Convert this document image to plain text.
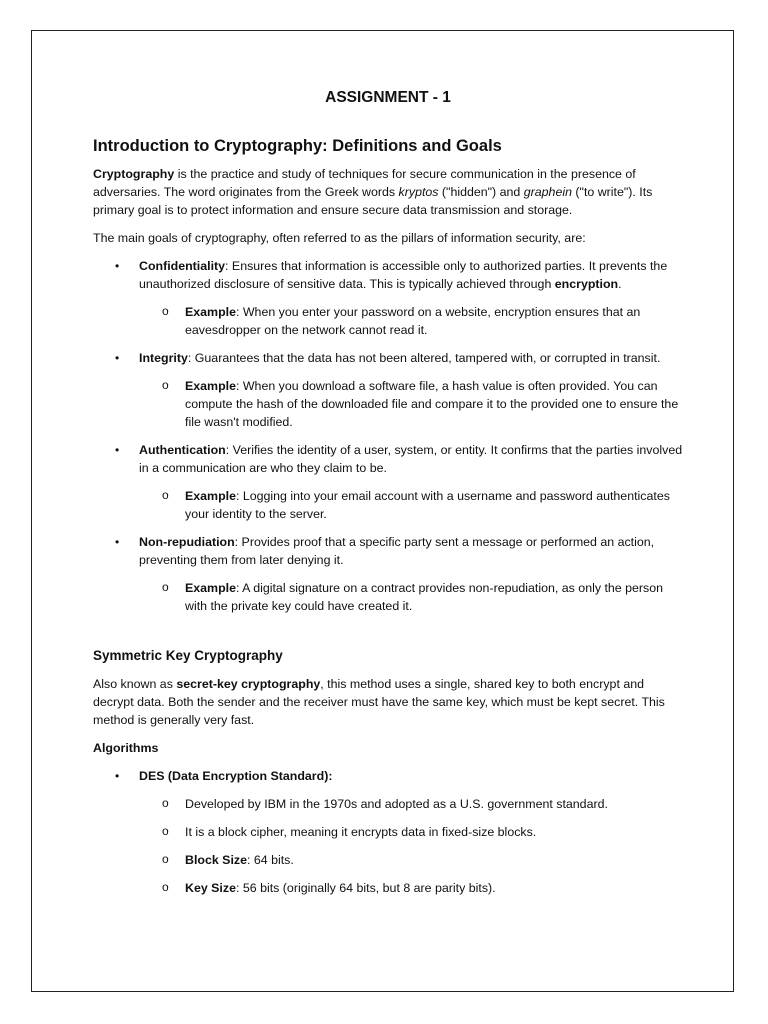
ASSIGNMENT - 1
Introduction to Cryptography: Definitions and Goals

Cryptography is the practice and study of techniques for secure communication in the presence of adversaries. The word originates from the Greek words kryptos ("hidden") and graphein ("to write"). Its primary goal is to protect information and ensure secure data transmission and storage.

The main goals of cryptography, often referred to as the pillars of information security, are:

• Confidentiality: Ensures that information is accessible only to authorized parties. It prevents the unauthorized disclosure of sensitive data. This is typically achieved through encryption.
o Example: When you enter your password on a website, encryption ensures that an eavesdropper on the network cannot read it.
• Integrity: Guarantees that the data has not been altered, tampered with, or corrupted in transit.
o Example: When you download a software file, a hash value is often provided. You can compute the hash of the downloaded file and compare it to the provided one to ensure the file wasn't modified.
• Authentication: Verifies the identity of a user, system, or entity. It confirms that the parties involved in a communication are who they claim to be.
o Example: Logging into your email account with a username and password authenticates your identity to the server.
• Non-repudiation: Provides proof that a specific party sent a message or performed an action, preventing them from later denying it.
o Example: A digital signature on a contract provides non-repudiation, as only the person with the private key could have created it.
Symmetric Key Cryptography

Also known as secret-key cryptography, this method uses a single, shared key to both encrypt and decrypt data. Both the sender and the receiver must have the same key, which must be kept secret. This method is generally very fast.

Algorithms

• DES (Data Encryption Standard):
o Developed by IBM in the 1970s and adopted as a U.S. government standard.
o It is a block cipher, meaning it encrypts data in fixed-size blocks.
o Block Size: 64 bits.
o Key Size: 56 bits (originally 64 bits, but 8 are parity bits).
